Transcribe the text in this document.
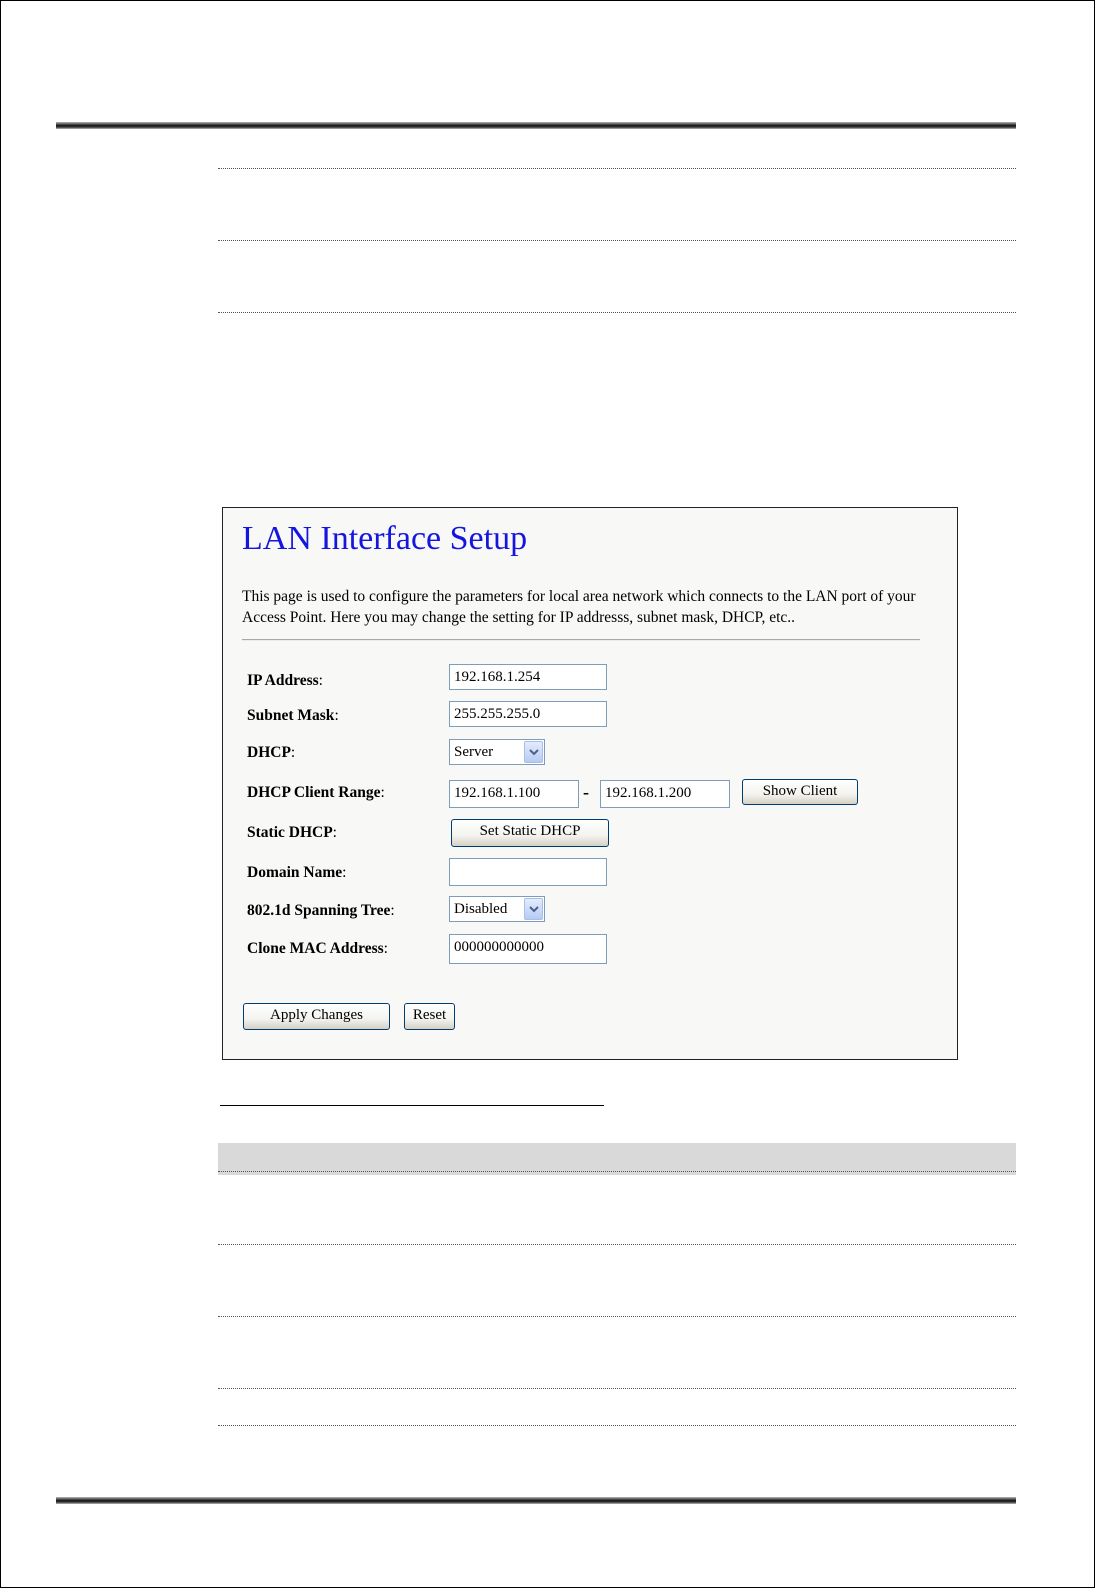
LAN Interface Setup
This page is used to configure the parameters for local area network which connects to the LAN port of your Access Point. Here you may change the setting for IP addresss, subnet mask, DHCP, etc..
IP Address:	192.168.1.254
Subnet Mask:	255.255.255.0
DHCP:	Server
DHCP Client Range:	192.168.1.100	-	192.168.1.200	Show Client
Static DHCP:	Set Static DHCP
Domain Name:
802.1d Spanning Tree:	Disabled
Clone MAC Address:	000000000000
Apply Changes	Reset
